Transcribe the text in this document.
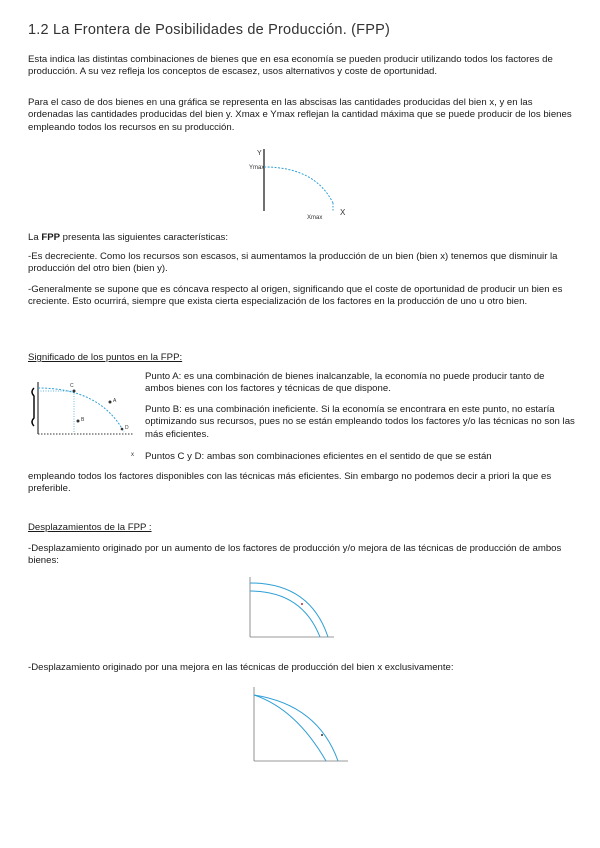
1.2 La Frontera de Posibilidades de Producción. (FPP)
Esta indica las distintas combinaciones de bienes que en esa economía se pueden producir utilizando todos los factores de producción. A su vez refleja los conceptos de escasez, usos alternativos y coste de oportunidad.
Para el caso de dos bienes en una gráfica se representa en las abscisas las cantidades producidas del bien x, y en las ordenadas las cantidades producidas del bien y. Xmax e Ymax reflejan la cantidad máxima que se puede producir de los bienes empleando todos los recursos en su producción.
Y
Ymax
Xmax
X
La FPP presenta las siguientes características:
-Es decreciente. Como los recursos son escasos, si aumentamos la producción de un bien (bien x) tenemos que disminuir la producción del otro bien (bien y).
-Generalmente se supone que es cóncava respecto al origen, significando que el coste de oportunidad de producir un bien es creciente. Esto ocurrirá, siempre que exista cierta especialización de los factores en la producción de uno u otro bien.
Significado de los puntos en la FPP:
C
A
B
D
x
Punto A: es una combinación de bienes inalcanzable, la economía no puede producir tanto de ambos bienes con los factores y técnicas de que dispone.
Punto B: es una combinación ineficiente. Si la economía se encontrara en este punto, no estaría optimizando sus recursos, pues no se están empleando todos los factores y/o las técnicas no son las más eficientes.
Puntos C y D: ambas son combinaciones eficientes en el sentido de que se están
empleando todos los factores disponibles con las técnicas más eficientes. Sin embargo no podemos decir a priori la que es preferible.
Desplazamientos de la FPP :
-Desplazamiento originado por un aumento de los factores de producción y/o mejora de las técnicas de producción de ambos bienes:
-Desplazamiento originado por una mejora en las técnicas de producción del bien x exclusivamente:
